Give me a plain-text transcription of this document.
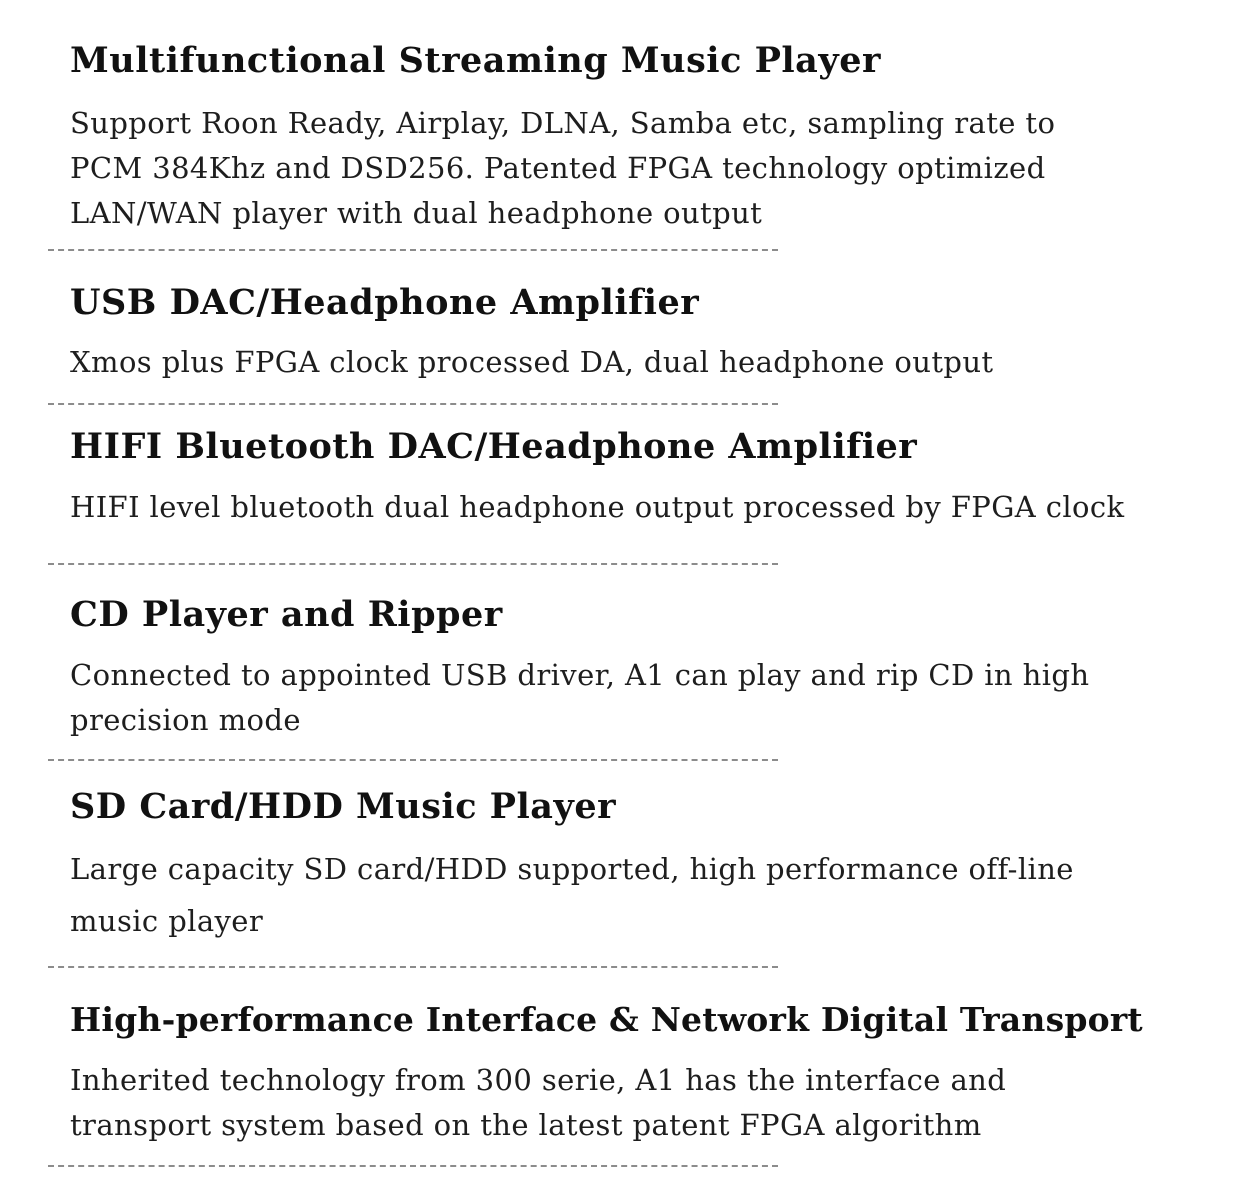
Multifunctional Streaming Music Player

Support Roon Ready, Airplay, DLNA, Samba etc, sampling rate to
PCM 384Khz and DSD256. Patented FPGA technology optimized
LAN/WAN player with dual headphone output

USB DAC/Headphone Amplifier

Xmos plus FPGA clock processed DA, dual headphone output

HIFI Bluetooth DAC/Headphone Amplifier

HIFI level bluetooth dual headphone output processed by FPGA clock

CD Player and Ripper

Connected to appointed USB driver, A1 can play and rip CD in high
precision mode

SD Card/HDD Music Player

Large capacity SD card/HDD supported, high performance off-line
music player

High-performance Interface & Network Digital Transport

Inherited technology from 300 serie, A1 has the interface and
transport system based on the latest patent FPGA algorithm
